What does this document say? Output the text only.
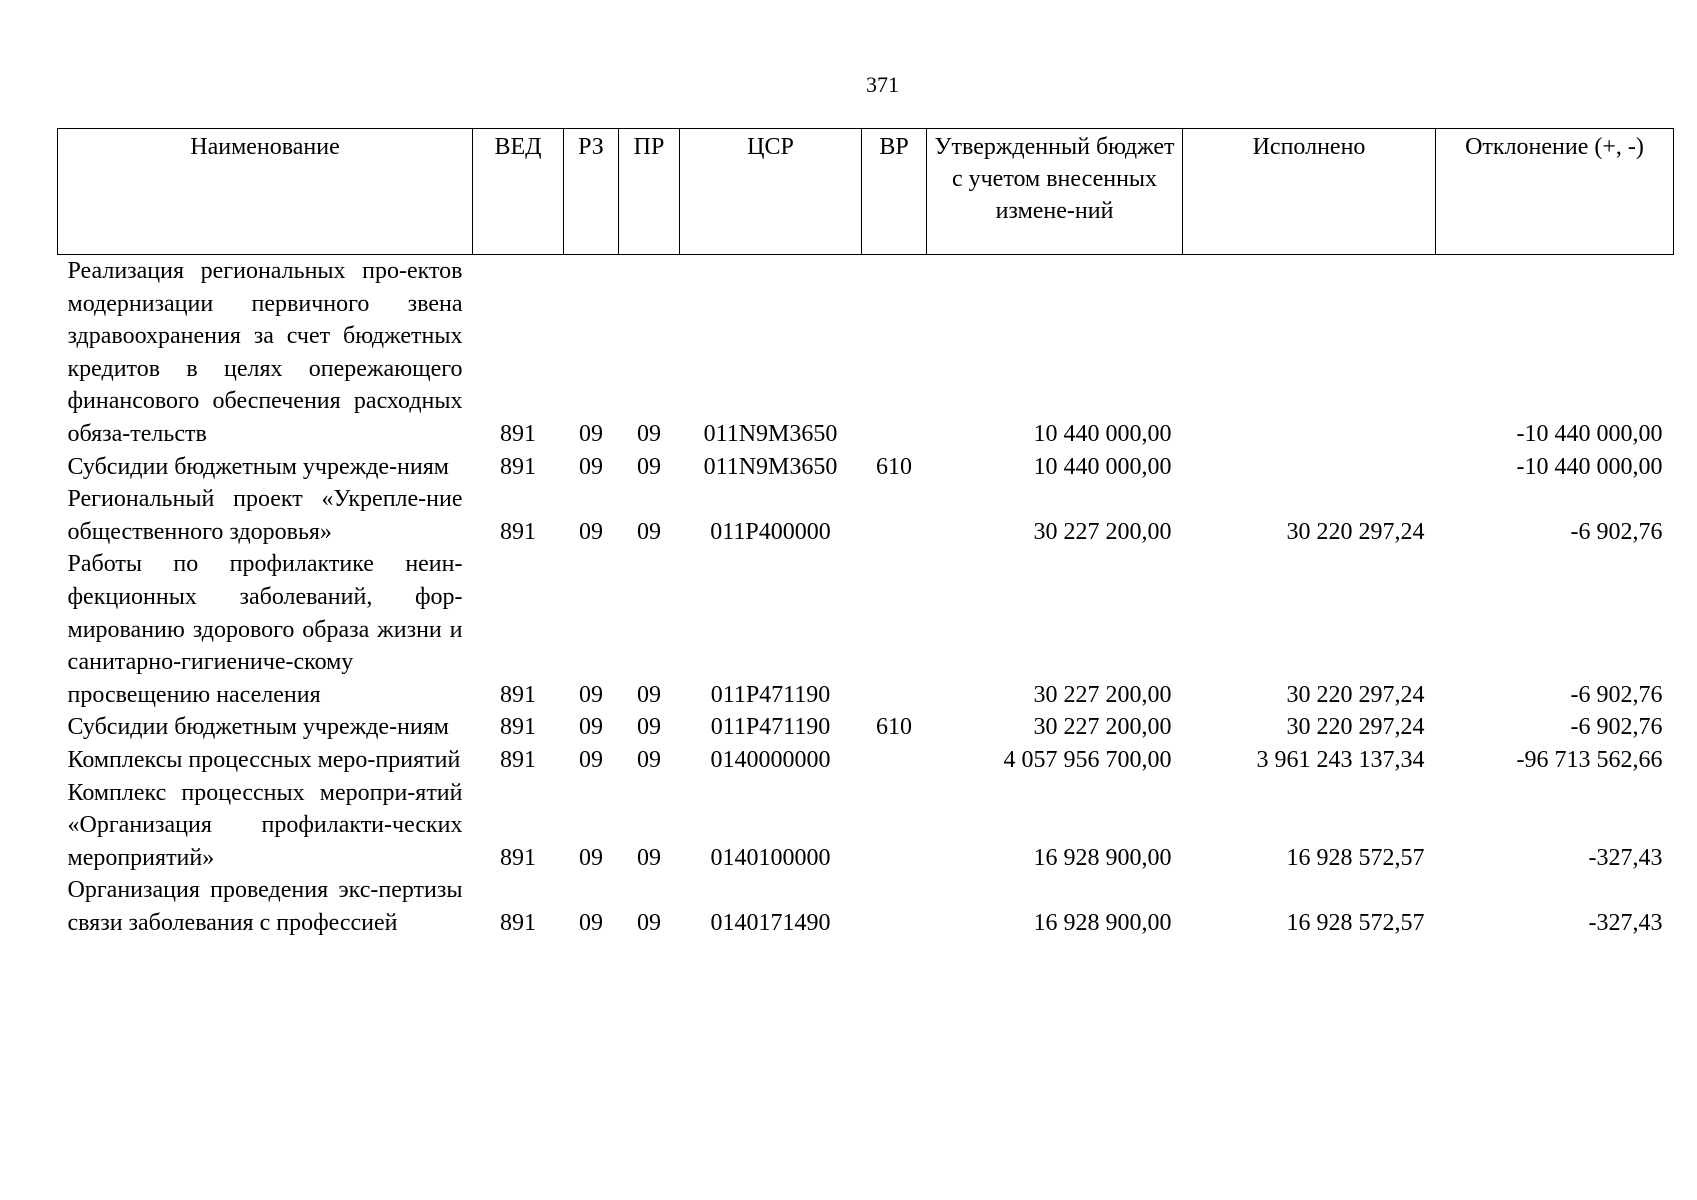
371
Наименование	ВЕД	РЗ	ПР	ЦСР	ВР	Утвержденный бюджет с учетом внесенных измене-ний	Исполнено	Отклонение (+, -)
Реализация региональных про-ектов модернизации первичного звена здравоохранения за счет бюджетных кредитов в целях опережающего финансового обеспечения расходных обяза-тельств	891	09	09	011N9M3650		10 440 000,00		-10 440 000,00
Субсидии бюджетным учрежде-ниям	891	09	09	011N9M3650	610	10 440 000,00		-10 440 000,00
Региональный проект «Укрепле-ние общественного здоровья»	891	09	09	011P400000		30 227 200,00	30 220 297,24	-6 902,76
Работы по профилактике неин-фекционных заболеваний, фор-мированию здорового образа жизни и санитарно-гигиениче-скому просвещению населения	891	09	09	011P471190		30 227 200,00	30 220 297,24	-6 902,76
Субсидии бюджетным учрежде-ниям	891	09	09	011P471190	610	30 227 200,00	30 220 297,24	-6 902,76
Комплексы процессных меро-приятий	891	09	09	0140000000		4 057 956 700,00	3 961 243 137,34	-96 713 562,66
Комплекс процессных меропри-ятий «Организация профилакти-ческих мероприятий»	891	09	09	0140100000		16 928 900,00	16 928 572,57	-327,43
Организация проведения экс-пертизы связи заболевания с профессией	891	09	09	0140171490		16 928 900,00	16 928 572,57	-327,43
